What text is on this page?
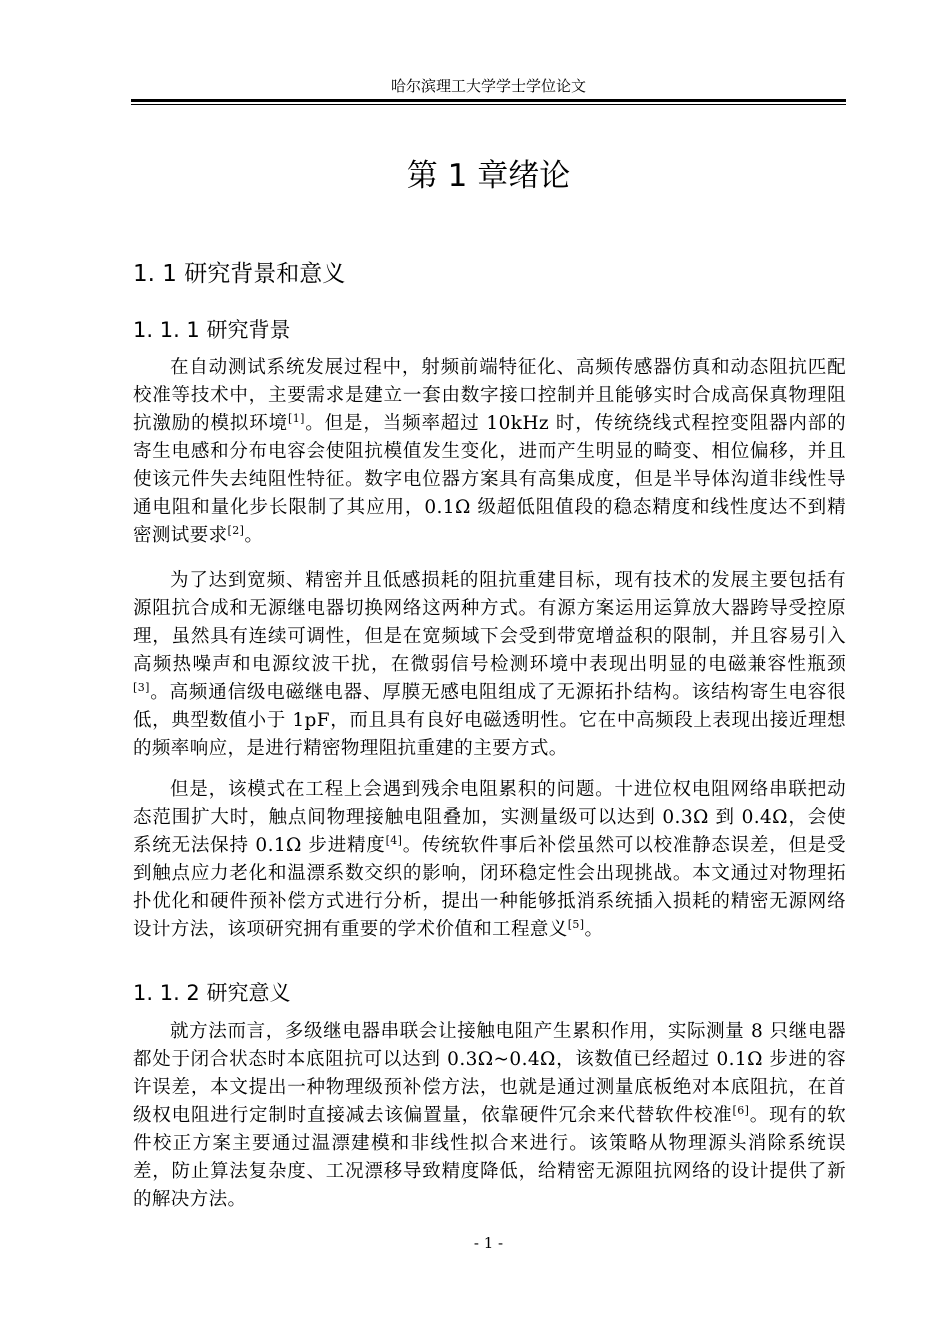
哈尔滨理工大学学士学位论文
第 1 章绪论
1. 1 研究背景和意义
1. 1. 1 研究背景
在自动测试系统发展过程中，射频前端特征化、高频传感器仿真和动态阻抗匹配校准等技术中，主要需求是建立一套由数字接口控制并且能够实时合成高保真物理阻抗激励的模拟环境[1]。但是，当频率超过 10kHz 时，传统绕线式程控变阻器内部的寄生电感和分布电容会使阻抗模值发生变化，进而产生明显的畸变、相位偏移，并且使该元件失去纯阻性特征。数字电位器方案具有高集成度，但是半导体沟道非线性导通电阻和量化步长限制了其应用，0.1Ω 级超低阻值段的稳态精度和线性度达不到精密测试要求[2]。
为了达到宽频、精密并且低感损耗的阻抗重建目标，现有技术的发展主要包括有源阻抗合成和无源继电器切换网络这两种方式。有源方案运用运算放大器跨导受控原理，虽然具有连续可调性，但是在宽频域下会受到带宽增益积的限制，并且容易引入高频热噪声和电源纹波干扰，在微弱信号检测环境中表现出明显的电磁兼容性瓶颈[3]。高频通信级电磁继电器、厚膜无感电阻组成了无源拓扑结构。该结构寄生电容很低，典型数值小于 1pF，而且具有良好电磁透明性。它在中高频段上表现出接近理想的频率响应，是进行精密物理阻抗重建的主要方式。
但是，该模式在工程上会遇到残余电阻累积的问题。十进位权电阻网络串联把动态范围扩大时，触点间物理接触电阻叠加，实测量级可以达到 0.3Ω 到 0.4Ω，会使系统无法保持 0.1Ω 步进精度[4]。传统软件事后补偿虽然可以校准静态误差，但是受到触点应力老化和温漂系数交织的影响，闭环稳定性会出现挑战。本文通过对物理拓扑优化和硬件预补偿方式进行分析，提出一种能够抵消系统插入损耗的精密无源网络设计方法，该项研究拥有重要的学术价值和工程意义[5]。
1. 1. 2 研究意义
就方法而言，多级继电器串联会让接触电阻产生累积作用，实际测量 8 只继电器都处于闭合状态时本底阻抗可以达到 0.3Ω~0.4Ω，该数值已经超过 0.1Ω 步进的容许误差，本文提出一种物理级预补偿方法，也就是通过测量底板绝对本底阻抗，在首级权电阻进行定制时直接减去该偏置量，依靠硬件冗余来代替软件校准[6]。现有的软件校正方案主要通过温漂建模和非线性拟合来进行。该策略从物理源头消除系统误差，防止算法复杂度、工况漂移导致精度降低，给精密无源阻抗网络的设计提供了新的解决方法。
- 1 -
